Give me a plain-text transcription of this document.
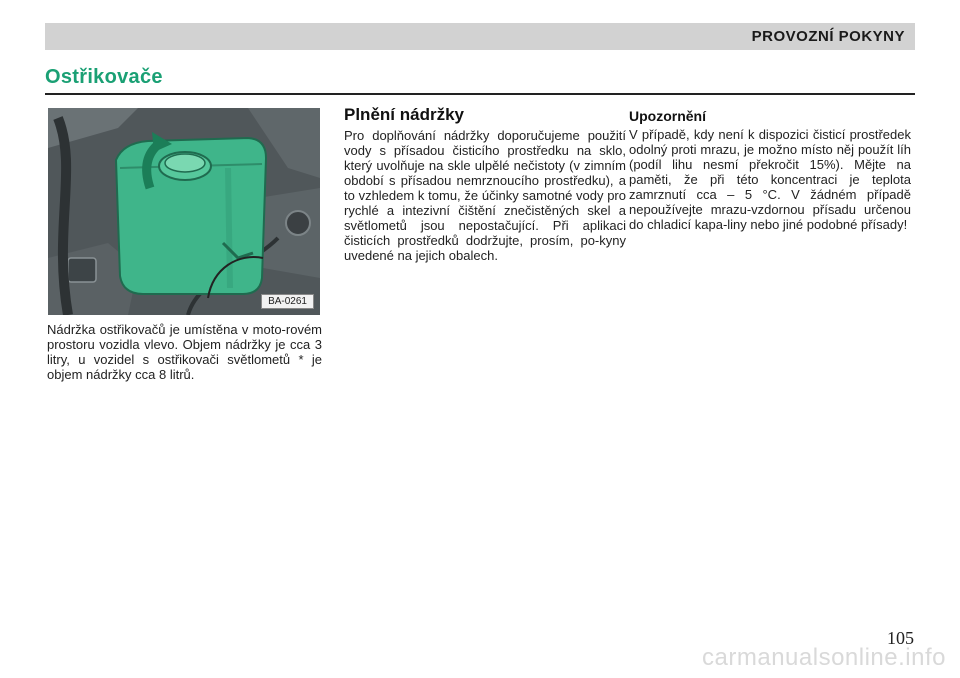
PROVOZNÍ POKYNY
Ostřikovače
BA-0261
Nádržka ostřikovačů je umístěna v moto-rovém prostoru vozidla vlevo. Objem nádržky je cca 3 litry, u vozidel s ostřikovači světlometů * je objem nádržky cca 8 litrů.
Plnění nádržky

Pro doplňování nádržky doporučujeme použití vody s přísadou čisticího prostředku na sklo, který uvolňuje na skle ulpělé nečistoty (v zimním období s přísadou nemrznoucího prostředku), a to vzhledem k tomu, že účinky samotné vody pro rychlé a intezivní čištění znečistěných skel a světlometů jsou nepostačující. Při aplikaci čisticích prostředků dodržujte, prosím, po-kyny uvedené na jejich obalech.

Upozornění

V případě, kdy není k dispozici čisticí prostředek odolný proti mrazu, je možno místo něj použít líh (podíl lihu nesmí překročit 15%). Mějte na paměti, že při této koncentraci je teplota zamrznutí cca – 5 °C. V žádném případě nepoužívejte mrazu-vzdornou přísadu určenou do chladicí kapa-liny nebo jiné podobné přísady!

105
carmanualsonline.info
